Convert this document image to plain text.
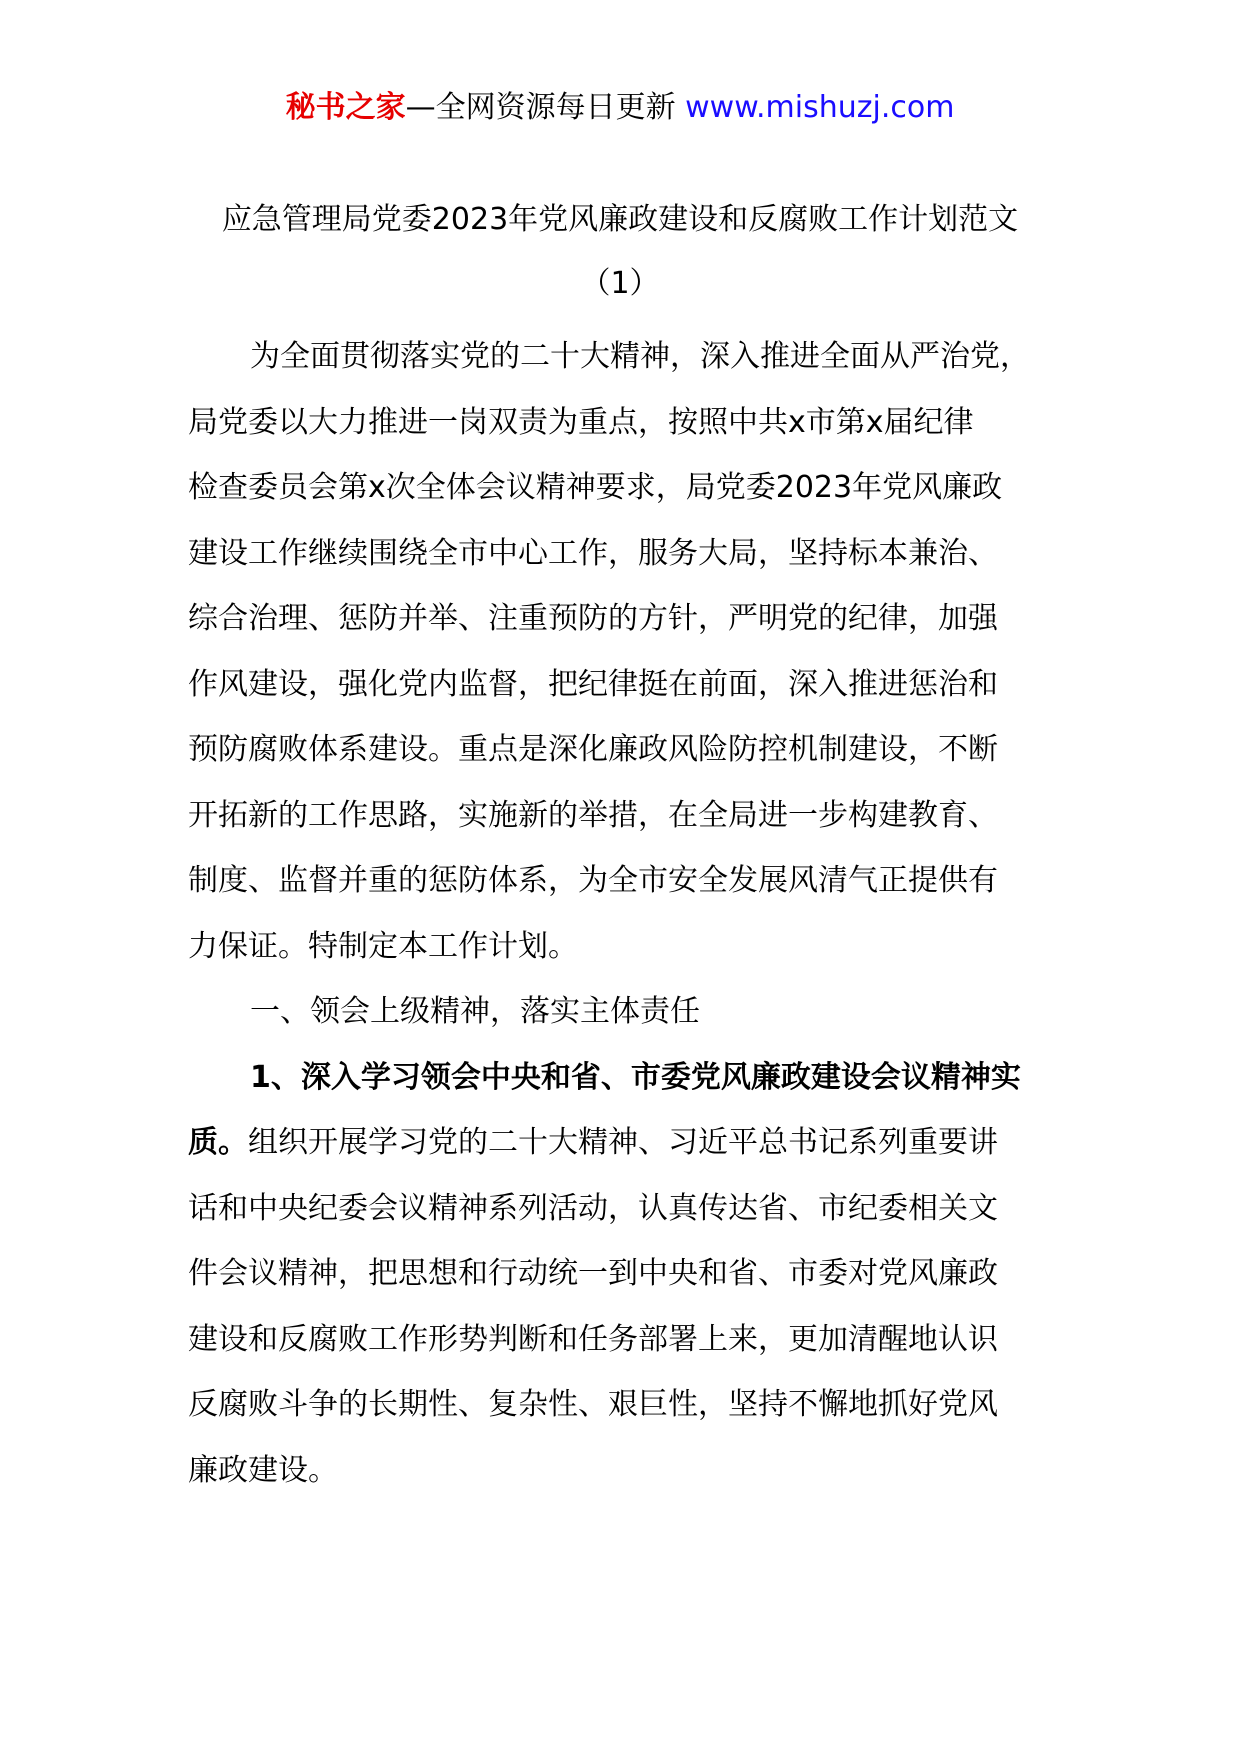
秘书之家—全网资源每日更新 www.mishuzj.com
应急管理局党委2023年党风廉政建设和反腐败工作计划范文
（1）
为全面贯彻落实党的二十大精神，深入推进全面从严治党，
局党委以大力推进一岗双责为重点，按照中共x市第x届纪律
检查委员会第x次全体会议精神要求，局党委2023年党风廉政
建设工作继续围绕全市中心工作，服务大局，坚持标本兼治、
综合治理、惩防并举、注重预防的方针，严明党的纪律，加强
作风建设，强化党内监督，把纪律挺在前面，深入推进惩治和
预防腐败体系建设。重点是深化廉政风险防控机制建设，不断
开拓新的工作思路，实施新的举措，在全局进一步构建教育、
制度、监督并重的惩防体系，为全市安全发展风清气正提供有
力保证。特制定本工作计划。
一、领会上级精神，落实主体责任
1、深入学习领会中央和省、市委党风廉政建设会议精神实
质。组织开展学习党的二十大精神、习近平总书记系列重要讲
话和中央纪委会议精神系列活动，认真传达省、市纪委相关文
件会议精神，把思想和行动统一到中央和省、市委对党风廉政
建设和反腐败工作形势判断和任务部署上来，更加清醒地认识
反腐败斗争的长期性、复杂性、艰巨性，坚持不懈地抓好党风
廉政建设。
